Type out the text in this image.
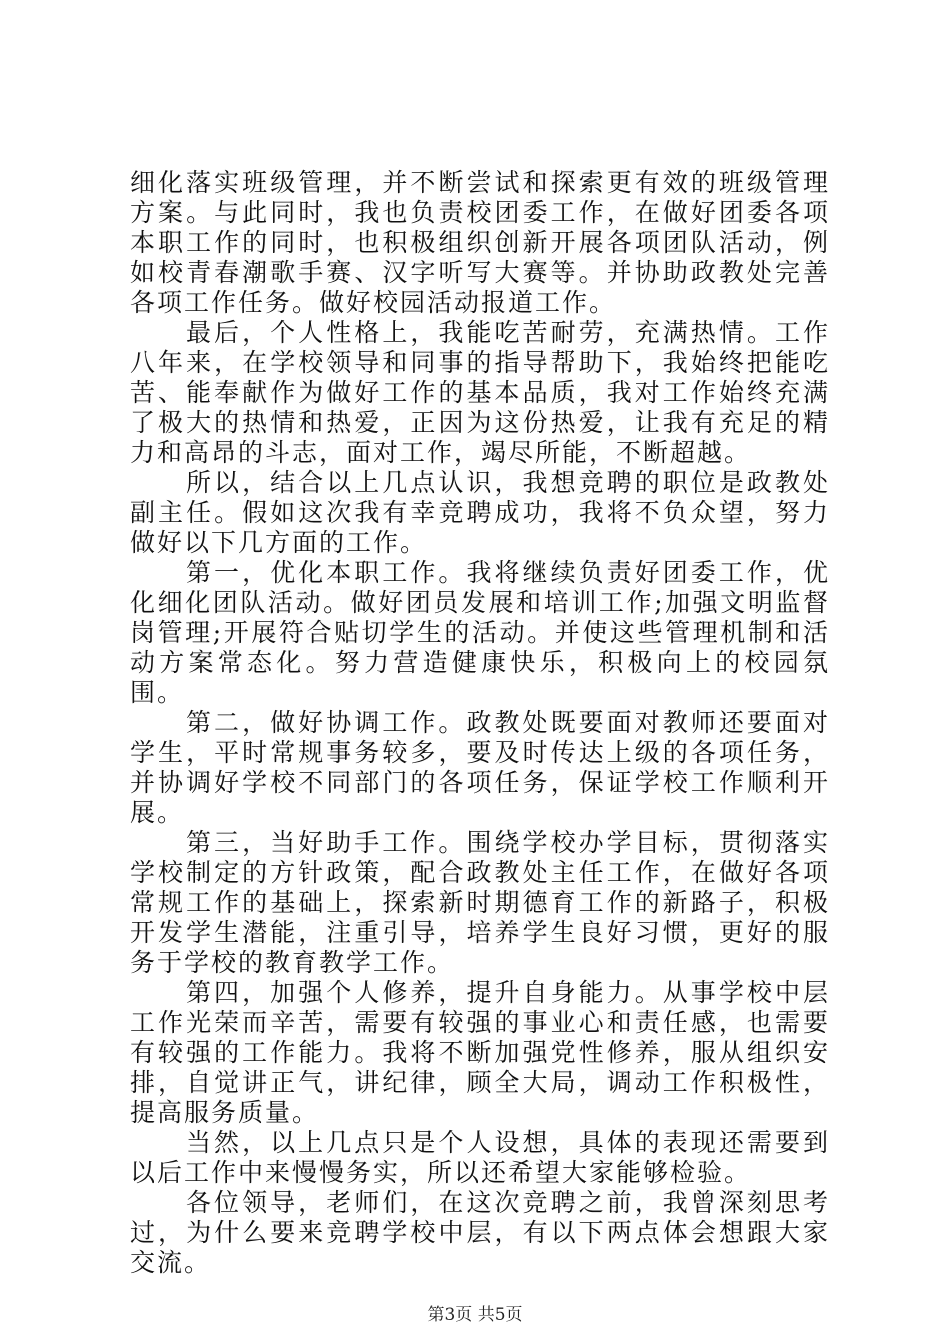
细化落实班级管理，并不断尝试和探索更有效的班级管理方案。与此同时，我也负责校团委工作，在做好团委各项本职工作的同时，也积极组织创新开展各项团队活动，例如校青春潮歌手赛、汉字听写大赛等。并协助政教处完善各项工作任务。做好校园活动报道工作。

最后，个人性格上，我能吃苦耐劳，充满热情。工作八年来，在学校领导和同事的指导帮助下，我始终把能吃苦、能奉献作为做好工作的基本品质，我对工作始终充满了极大的热情和热爱，正因为这份热爱，让我有充足的精力和高昂的斗志，面对工作，竭尽所能，不断超越。

所以，结合以上几点认识，我想竞聘的职位是政教处副主任。假如这次我有幸竞聘成功，我将不负众望，努力做好以下几方面的工作。

第一，优化本职工作。我将继续负责好团委工作，优化细化团队活动。做好团员发展和培训工作;加强文明监督岗管理;开展符合贴切学生的活动。并使这些管理机制和活动方案常态化。努力营造健康快乐，积极向上的校园氛围。

第二，做好协调工作。政教处既要面对教师还要面对学生，平时常规事务较多，要及时传达上级的各项任务，并协调好学校不同部门的各项任务，保证学校工作顺利开展。

第三，当好助手工作。围绕学校办学目标，贯彻落实学校制定的方针政策，配合政教处主任工作，在做好各项常规工作的基础上，探索新时期德育工作的新路子，积极开发学生潜能，注重引导，培养学生良好习惯，更好的服务于学校的教育教学工作。

第四，加强个人修养，提升自身能力。从事学校中层工作光荣而辛苦，需要有较强的事业心和责任感，也需要有较强的工作能力。我将不断加强党性修养，服从组织安排，自觉讲正气，讲纪律，顾全大局，调动工作积极性，提高服务质量。

当然，以上几点只是个人设想，具体的表现还需要到以后工作中来慢慢务实，所以还希望大家能够检验。

各位领导，老师们，在这次竞聘之前，我曾深刻思考过，为什么要来竞聘学校中层，有以下两点体会想跟大家交流。

第3页 共5页
